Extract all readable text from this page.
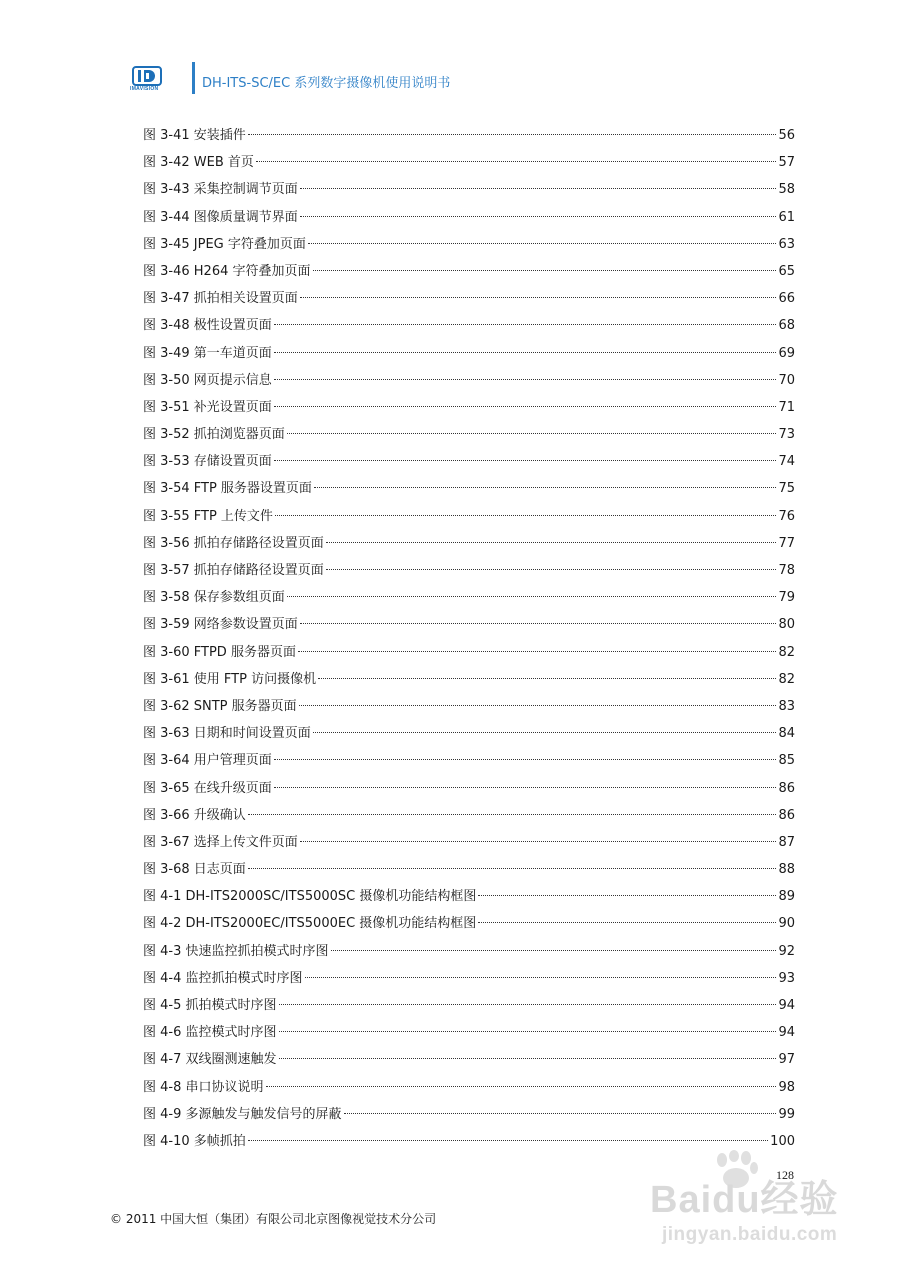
IMAVISION	DH-ITS-SC/EC 系列数字摄像机使用说明书
图 3-41 安装插件	56
图 3-42 WEB 首页	57
图 3-43 采集控制调节页面	58
图 3-44 图像质量调节界面	61
图 3-45 JPEG 字符叠加页面	63
图 3-46 H264 字符叠加页面	65
图 3-47 抓拍相关设置页面	66
图 3-48 极性设置页面	68
图 3-49 第一车道页面	69
图 3-50 网页提示信息	70
图 3-51 补光设置页面	71
图 3-52 抓拍浏览器页面	73
图 3-53 存储设置页面	74
图 3-54 FTP 服务器设置页面	75
图 3-55 FTP 上传文件	76
图 3-56 抓拍存储路径设置页面	77
图 3-57 抓拍存储路径设置页面	78
图 3-58 保存参数组页面	79
图 3-59 网络参数设置页面	80
图 3-60 FTPD 服务器页面	82
图 3-61 使用 FTP 访问摄像机	82
图 3-62 SNTP 服务器页面	83
图 3-63 日期和时间设置页面	84
图 3-64 用户管理页面	85
图 3-65 在线升级页面	86
图 3-66 升级确认	86
图 3-67 选择上传文件页面	87
图 3-68 日志页面	88
图 4-1 DH-ITS2000SC/ITS5000SC 摄像机功能结构框图	89
图 4-2 DH-ITS2000EC/ITS5000EC 摄像机功能结构框图	90
图 4-3 快速监控抓拍模式时序图	92
图 4-4 监控抓拍模式时序图	93
图 4-5 抓拍模式时序图	94
图 4-6 监控模式时序图	94
图 4-7 双线圈测速触发	97
图 4-8 串口协议说明	98
图 4-9 多源触发与触发信号的屏蔽	99
图 4-10 多帧抓拍	100
128
© 2011 中国大恒（集团）有限公司北京图像视觉技术分公司	Baidu经验
jingyan.baidu.com
